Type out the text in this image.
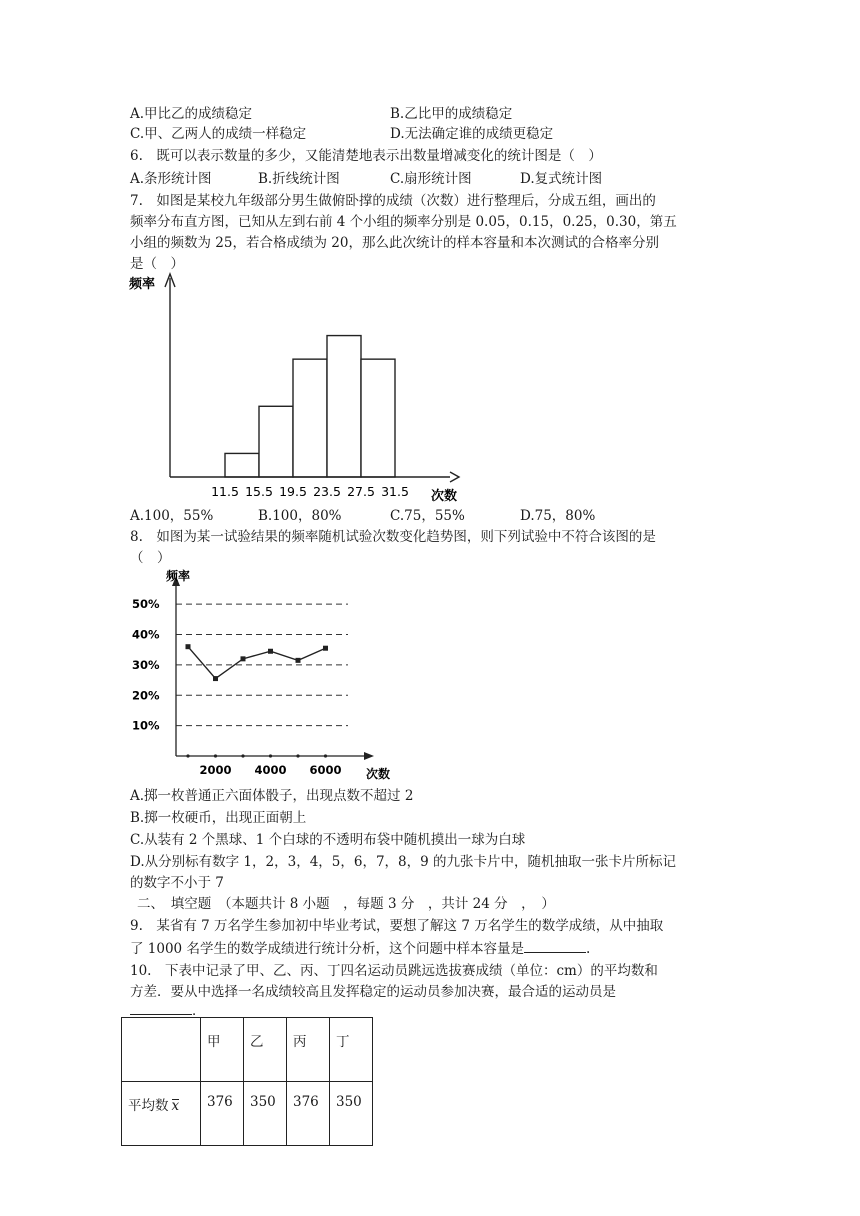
A.甲比乙的成绩稳定	B.乙比甲的成绩稳定
C.甲、乙两人的成绩一样稳定	D.无法确定谁的成绩更稳定
6.　既可以表示数量的多少，又能清楚地表示出数量增减变化的统计图是（　）
A.条形统计图	B.折线统计图	C.扇形统计图	D.复式统计图
7.　如图是某校九年级部分男生做俯卧撑的成绩（次数）进行整理后，分成五组，画出的
频率分布直方图，已知从左到右前 4 个小组的频率分别是 0.05，0.15，0.25，0.30，第五
小组的频数为 25，若合格成绩为 20，那么此次统计的样本容量和本次测试的合格率分别
是（　）
频率
次数
11.5 15.5 19.5 23.5 27.5 31.5
A.100，55%	B.100，80%	C.75，55%	D.75，80%
8.　如图为某一试验结果的频率随机试验次数变化趋势图，则下列试验中不符合该图的是
（　）
频率
次数
10%
20%
30%
40%
50%
2000 4000 6000
A.掷一枚普通正六面体骰子，出现点数不超过 2
B.掷一枚硬币，出现正面朝上
C.从装有 2 个黑球、1 个白球的不透明布袋中随机摸出一球为白球
D.从分别标有数字 1，2，3，4，5，6，7，8，9 的九张卡片中，随机抽取一张卡片所标记
的数字不小于 7
二、　填空题　（本题共计 8 小题　，每题 3 分　，共计 24 分　，　）
9.　某省有 7 万名学生参加初中毕业考试，要想了解这 7 万名学生的数学成绩，从中抽取
了 1000 名学生的数学成绩进行统计分析，这个问题中样本容量是	.
10.　下表中记录了甲、乙、丙、丁四名运动员跳远选拔赛成绩（单位：cm）的平均数和
方差．要从中选择一名成绩较高且发挥稳定的运动员参加决赛，最合适的运动员是
．
	甲	乙	丙	丁
平均数 x	376	350	376	350
